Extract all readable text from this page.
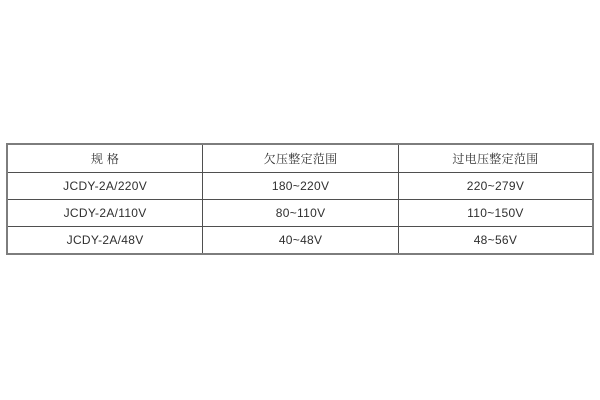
规 格	欠压整定范围	过电压整定范围
JCDY-2A/220V	180~220V	220~279V
JCDY-2A/110V	80~110V	110~150V
JCDY-2A/48V	40~48V	48~56V
